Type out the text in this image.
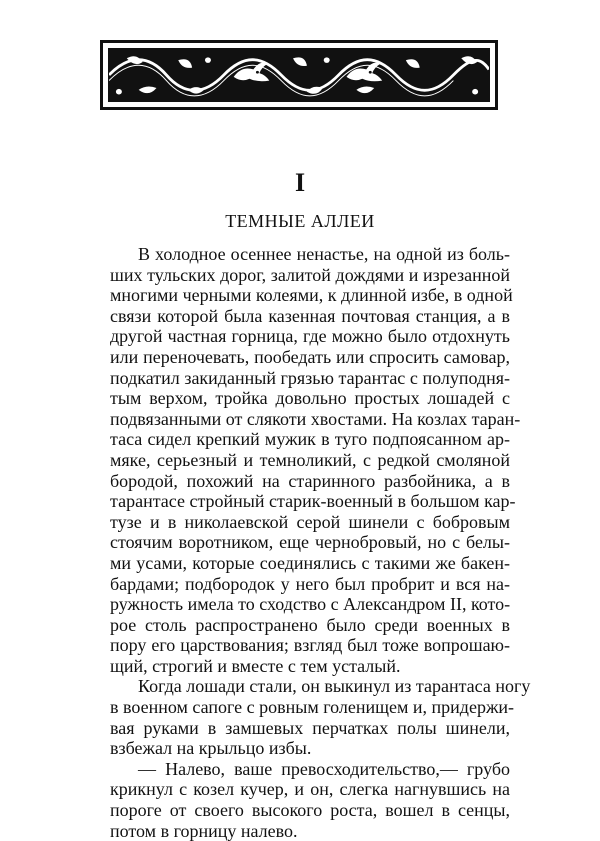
I
ТЕМНЫЕ АЛЛЕИ
В холодное осеннее ненастье, на одной из боль-
ших тульских дорог, залитой дождями и изрезанной
многими черными колеями, к длинной избе, в одной
связи которой была казенная почтовая станция, а в
другой частная горница, где можно было отдохнуть
или переночевать, пообедать или спросить самовар,
подкатил закиданный грязью тарантас с полуподня-
тым верхом, тройка довольно простых лошадей с
подвязанными от слякоти хвостами. На козлах таран-
таса сидел крепкий мужик в туго подпоясанном ар-
мяке, серьезный и темноликий, с редкой смоляной
бородой, похожий на старинного разбойника, а в
тарантасе стройный старик-военный в большом кар-
тузе и в николаевской серой шинели с бобровым
стоячим воротником, еще чернобровый, но с белы-
ми усами, которые соединялись с такими же бакен-
бардами; подбородок у него был пробрит и вся на-
ружность имела то сходство с Александром II, кото-
рое столь распространено было среди военных в
пору его царствования; взгляд был тоже вопрошаю-
щий, строгий и вместе с тем усталый.
Когда лошади стали, он выкинул из тарантаса ногу
в военном сапоге с ровным голенищем и, придержи-
вая руками в замшевых перчатках полы шинели,
взбежал на крыльцо избы.
— Налево, ваше превосходительство,— грубо
крикнул с козел кучер, и он, слегка нагнувшись на
пороге от своего высокого роста, вошел в сенцы,
потом в горницу налево.
